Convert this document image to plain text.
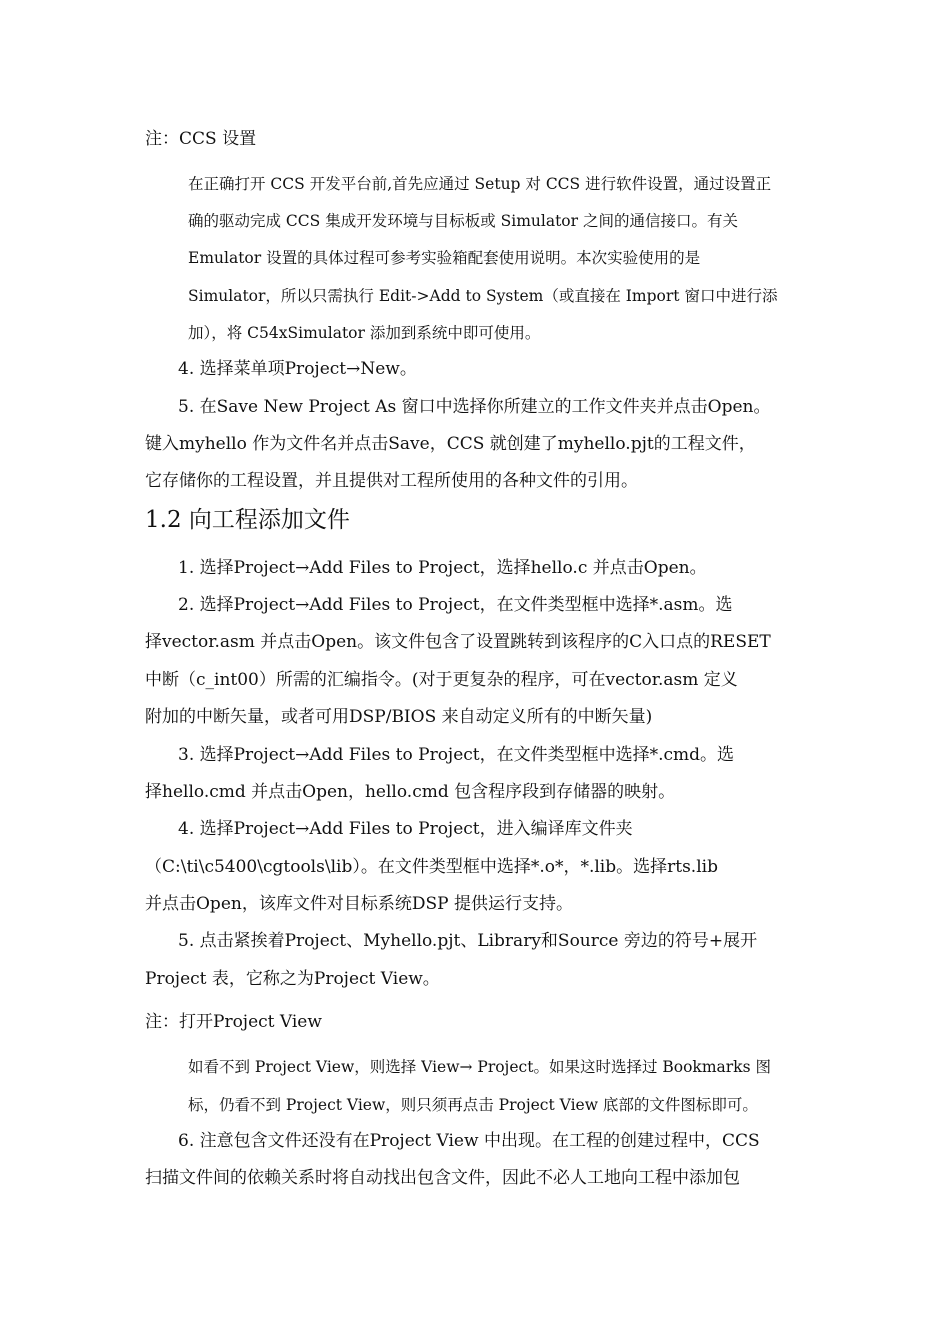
注：CCS 设置
在正确打开 CCS 开发平台前,首先应通过 Setup 对 CCS 进行软件设置，通过设置正
确的驱动完成 CCS 集成开发环境与目标板或 Simulator 之间的通信接口。有关
Emulator 设置的具体过程可参考实验箱配套使用说明。本次实验使用的是
Simulator，所以只需执行 Edit->Add to System（或直接在 Import 窗口中进行添
加），将 C54xSimulator 添加到系统中即可使用。
4. 选择菜单项Project→New。
5. 在Save New Project As 窗口中选择你所建立的工作文件夹并点击Open。
键入myhello 作为文件名并点击Save，CCS 就创建了myhello.pjt的工程文件，
它存储你的工程设置，并且提供对工程所使用的各种文件的引用。
1.2 向工程添加文件
1. 选择Project→Add Files to Project，选择hello.c 并点击Open。
2. 选择Project→Add Files to Project，在文件类型框中选择*.asm。选
择vector.asm 并点击Open。该文件包含了设置跳转到该程序的C入口点的RESET
中断（c_int00）所需的汇编指令。(对于更复杂的程序，可在vector.asm 定义
附加的中断矢量，或者可用DSP/BIOS 来自动定义所有的中断矢量)
3. 选择Project→Add Files to Project，在文件类型框中选择*.cmd。选
择hello.cmd 并点击Open，hello.cmd 包含程序段到存储器的映射。
4. 选择Project→Add Files to Project，进入编译库文件夹
（C:\ti\c5400\cgtools\lib）。在文件类型框中选择*.o*，*.lib。选择rts.lib
并点击Open，该库文件对目标系统DSP 提供运行支持。
5. 点击紧挨着Project、Myhello.pjt、Library和Source 旁边的符号+展开
Project 表，它称之为Project View。
注：打开Project View
如看不到 Project View，则选择 View→ Project。如果这时选择过 Bookmarks 图
标，仍看不到 Project View，则只须再点击 Project View 底部的文件图标即可。
6. 注意包含文件还没有在Project View 中出现。在工程的创建过程中，CCS
扫描文件间的依赖关系时将自动找出包含文件，因此不必人工地向工程中添加包
